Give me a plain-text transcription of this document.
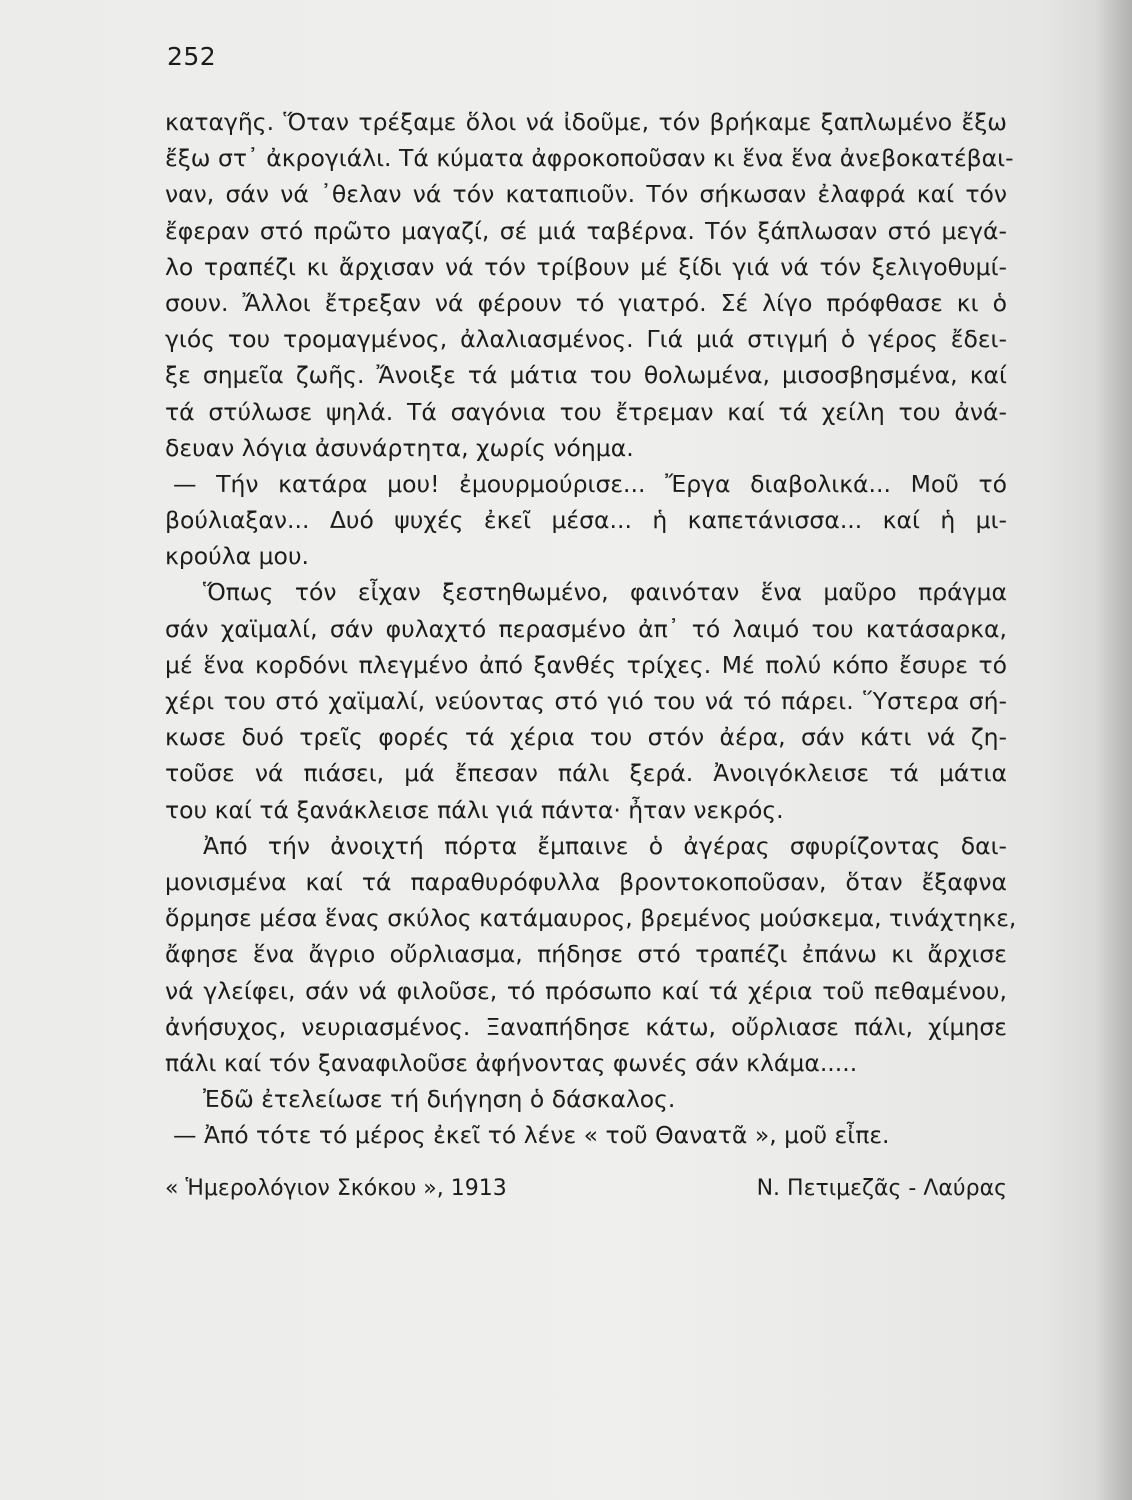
252
καταγῆς. Ὅταν τρέξαμε ὅλοι νά ἰδοῦμε, τόν βρήκαμε ξαπλωμένο ἔξω
ἔξω στ᾿ ἀκρογιάλι. Τά κύματα ἀφροκοποῦσαν κι ἕνα ἕνα ἀνεβοκατέβαι-
ναν, σάν νά ᾿θελαν νά τόν καταπιοῦν. Τόν σήκωσαν ἐλαφρά καί τόν
ἔφεραν στό πρῶτο μαγαζί, σέ μιά ταβέρνα. Τόν ξάπλωσαν στό μεγά-
λο τραπέζι κι ἄρχισαν νά τόν τρίβουν μέ ξίδι γιά νά τόν ξελιγοθυμί-
σουν. Ἄλλοι ἔτρεξαν νά φέρουν τό γιατρό. Σέ λίγο πρόφθασε κι ὁ
γιός του τρομαγμένος, ἀλαλιασμένος. Γιά μιά στιγμή ὁ γέρος ἔδει-
ξε σημεῖα ζωῆς. Ἄνοιξε τά μάτια του θολωμένα, μισοσβησμένα, καί
τά στύλωσε ψηλά. Τά σαγόνια του ἔτρεμαν καί τά χείλη του ἀνά-
δευαν λόγια ἀσυνάρτητα, χωρίς νόημα.
— Τήν κατάρα μου! ἐμουρμούρισε... Ἔργα διαβολικά... Μοῦ τό
βούλιαξαν... Δυό ψυχές ἐκεῖ μέσα... ἡ καπετάνισσα... καί ἡ μι-
κρούλα μου.
Ὅπως τόν εἶχαν ξεστηθωμένο, φαινόταν ἕνα μαῦρο πράγμα
σάν χαϊμαλί, σάν φυλαχτό περασμένο ἀπ᾿ τό λαιμό του κατάσαρκα,
μέ ἕνα κορδόνι πλεγμένο ἀπό ξανθές τρίχες. Μέ πολύ κόπο ἔσυρε τό
χέρι του στό χαϊμαλί, νεύοντας στό γιό του νά τό πάρει. Ὕστερα σή-
κωσε δυό τρεῖς φορές τά χέρια του στόν ἀέρα, σάν κάτι νά ζη-
τοῦσε νά πιάσει, μά ἔπεσαν πάλι ξερά. Ἀνοιγόκλεισε τά μάτια
του καί τά ξανάκλεισε πάλι γιά πάντα· ἦταν νεκρός.
Ἀπό τήν ἀνοιχτή πόρτα ἔμπαινε ὁ ἀγέρας σφυρίζοντας δαι-
μονισμένα καί τά παραθυρόφυλλα βροντοκοποῦσαν, ὅταν ἔξαφνα
ὅρμησε μέσα ἕνας σκύλος κατάμαυρος, βρεμένος μούσκεμα, τινάχτηκε,
ἄφησε ἕνα ἄγριο οὔρλιασμα, πήδησε στό τραπέζι ἐπάνω κι ἄρχισε
νά γλείφει, σάν νά φιλοῦσε, τό πρόσωπο καί τά χέρια τοῦ πεθαμένου,
ἀνήσυχος, νευριασμένος. Ξαναπήδησε κάτω, οὔρλιασε πάλι, χίμησε
πάλι καί τόν ξαναφιλοῦσε ἀφήνοντας φωνές σάν κλάμα.....
Ἐδῶ ἐτελείωσε τή διήγηση ὁ δάσκαλος.
— Ἀπό τότε τό μέρος ἐκεῖ τό λένε « τοῦ Θανατᾶ », μοῦ εἶπε.
« Ἡμερολόγιον Σκόκου », 1913	Ν. Πετιμεζᾶς - Λαύρας
